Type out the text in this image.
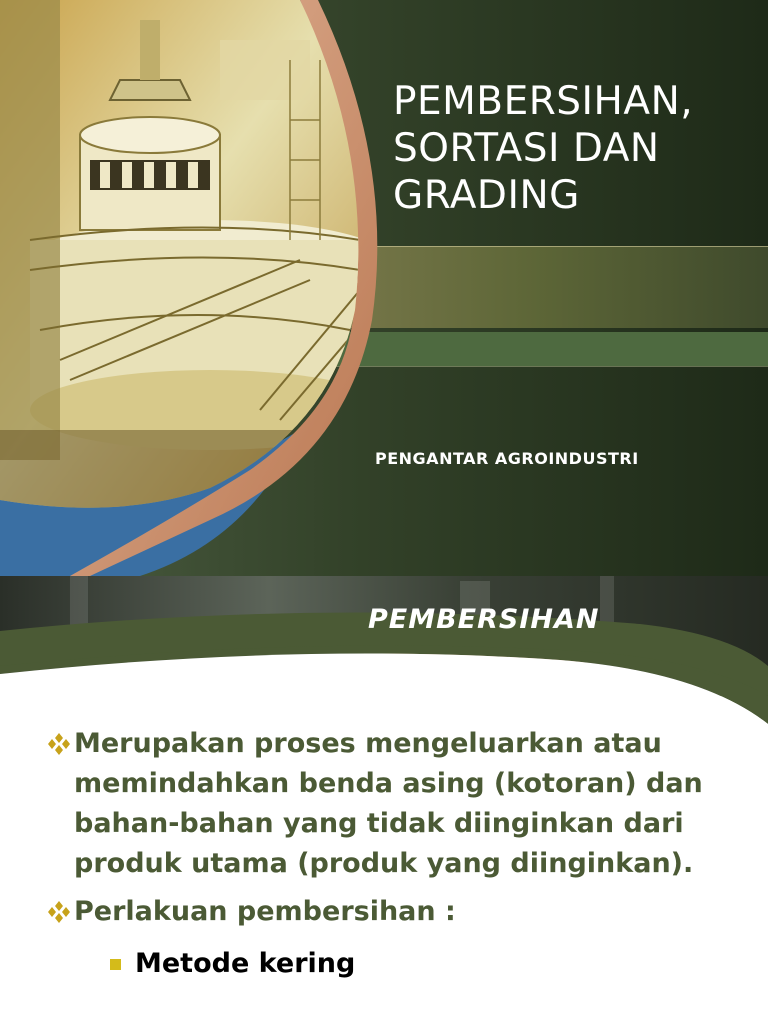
PEMBERSIHAN,
SORTASI DAN
GRADING
PENGANTAR AGROINDUSTRI
PEMBERSIHAN
Merupakan proses mengeluarkan atau memindahkan benda asing (kotoran) dan bahan-bahan yang tidak diinginkan dari produk utama (produk yang diinginkan).
Perlakuan pembersihan :
Metode kering
